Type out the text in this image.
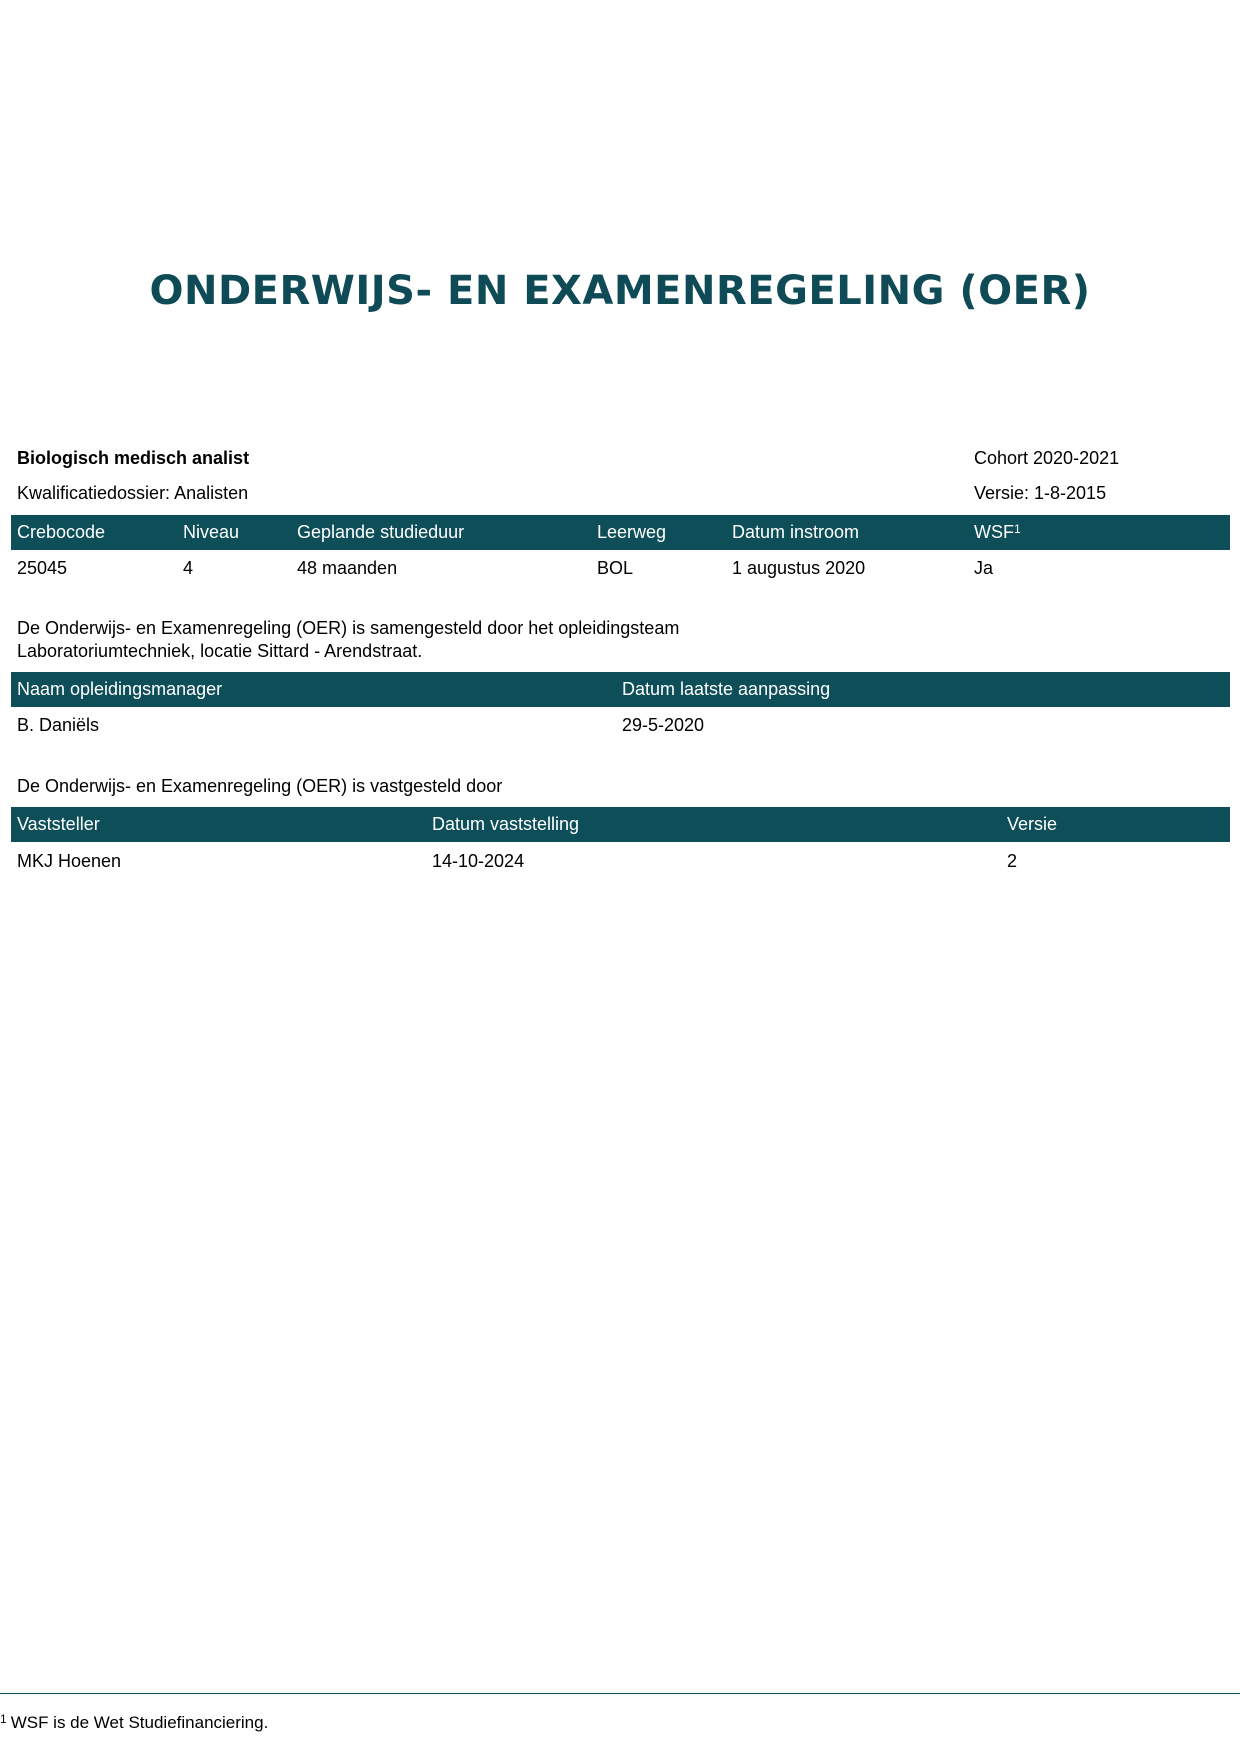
ONDERWIJS- EN EXAMENREGELING (OER)
Biologisch medisch analist	Cohort 2020-2021
Kwalificatiedossier: Analisten	Versie: 1-8-2015
Crebocode	Niveau	Geplande studieduur	Leerweg	Datum instroom	WSF$^1$
25045	4	48 maanden	BOL	1 augustus 2020	Ja
De Onderwijs- en Examenregeling (OER) is samengesteld door het opleidingsteam
Laboratoriumtechniek, locatie Sittard - Arendstraat.
Naam opleidingsmanager	Datum laatste aanpassing
B. Daniëls	29-5-2020
De Onderwijs- en Examenregeling (OER) is vastgesteld door
Vaststeller	Datum vaststelling	Versie
MKJ Hoenen	14-10-2024	2
$^1$ WSF is de Wet Studiefinanciering.
